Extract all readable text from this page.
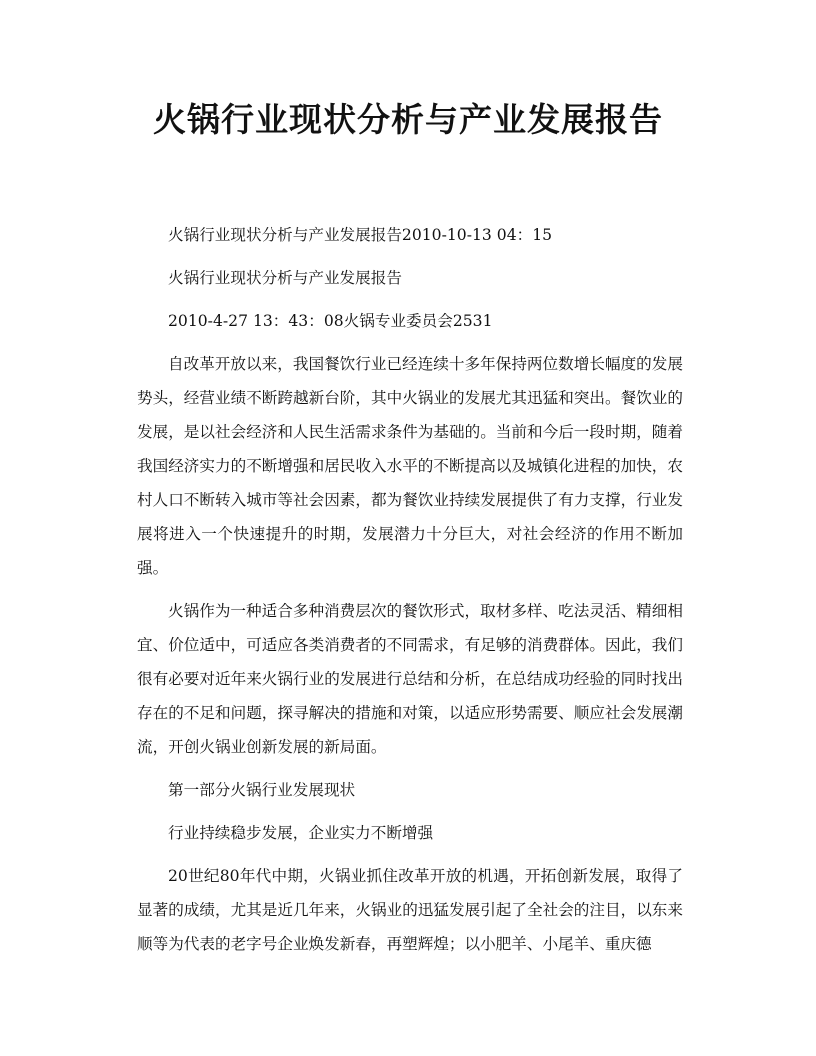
火锅行业现状分析与产业发展报告

火锅行业现状分析与产业发展报告2010-10-13 04：15

火锅行业现状分析与产业发展报告

2010-4-27 13：43：08火锅专业委员会2531

自改革开放以来，我国餐饮行业已经连续十多年保持两位数增长幅度的发展势头，经营业绩不断跨越新台阶，其中火锅业的发展尤其迅猛和突出。餐饮业的发展，是以社会经济和人民生活需求条件为基础的。当前和今后一段时期，随着我国经济实力的不断增强和居民收入水平的不断提高以及城镇化进程的加快，农村人口不断转入城市等社会因素，都为餐饮业持续发展提供了有力支撑，行业发展将进入一个快速提升的时期，发展潜力十分巨大，对社会经济的作用不断加强。

火锅作为一种适合多种消费层次的餐饮形式，取材多样、吃法灵活、精细相宜、价位适中，可适应各类消费者的不同需求，有足够的消费群体。因此，我们很有必要对近年来火锅行业的发展进行总结和分析，在总结成功经验的同时找出存在的不足和问题，探寻解决的措施和对策，以适应形势需要、顺应社会发展潮流，开创火锅业创新发展的新局面。

第一部分火锅行业发展现状

行业持续稳步发展，企业实力不断增强

20世纪80年代中期，火锅业抓住改革开放的机遇，开拓创新发展，取得了显著的成绩，尤其是近几年来，火锅业的迅猛发展引起了全社会的注目，以东来顺等为代表的老字号企业焕发新春，再塑辉煌；以小肥羊、小尾羊、重庆德
